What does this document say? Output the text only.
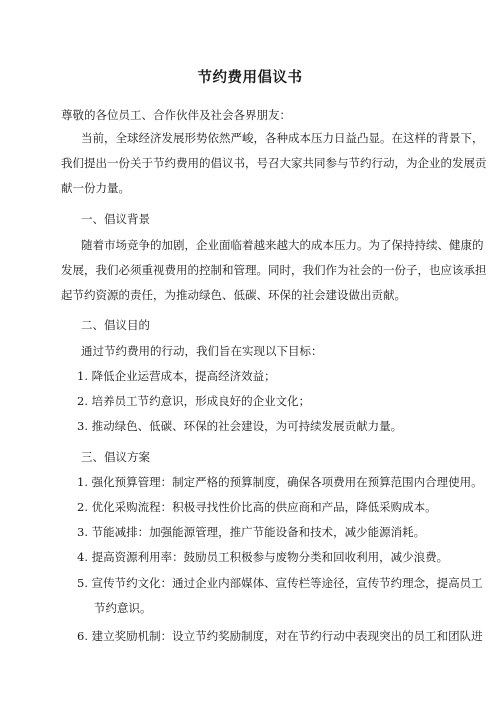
节约费用倡议书
尊敬的各位员工、合作伙伴及社会各界朋友：
当前，全球经济发展形势依然严峻，各种成本压力日益凸显。在这样的背景下，
我们提出一份关于节约费用的倡议书，号召大家共同参与节约行动，为企业的发展贡
献一份力量。
一、倡议背景
随着市场竞争的加剧，企业面临着越来越大的成本压力。为了保持持续、健康的
发展，我们必须重视费用的控制和管理。同时，我们作为社会的一份子，也应该承担
起节约资源的责任，为推动绿色、低碳、环保的社会建设做出贡献。
二、倡议目的
通过节约费用的行动，我们旨在实现以下目标：
1. 降低企业运营成本，提高经济效益；
2. 培养员工节约意识，形成良好的企业文化；
3. 推动绿色、低碳、环保的社会建设，为可持续发展贡献力量。
三、倡议方案
1. 强化预算管理：制定严格的预算制度，确保各项费用在预算范围内合理使用。
2. 优化采购流程：积极寻找性价比高的供应商和产品，降低采购成本。
3. 节能减排：加强能源管理，推广节能设备和技术，减少能源消耗。
4. 提高资源利用率：鼓励员工积极参与废物分类和回收利用，减少浪费。
5. 宣传节约文化：通过企业内部媒体、宣传栏等途径，宣传节约理念，提高员工
节约意识。
6. 建立奖励机制：设立节约奖励制度，对在节约行动中表现突出的员工和团队进
